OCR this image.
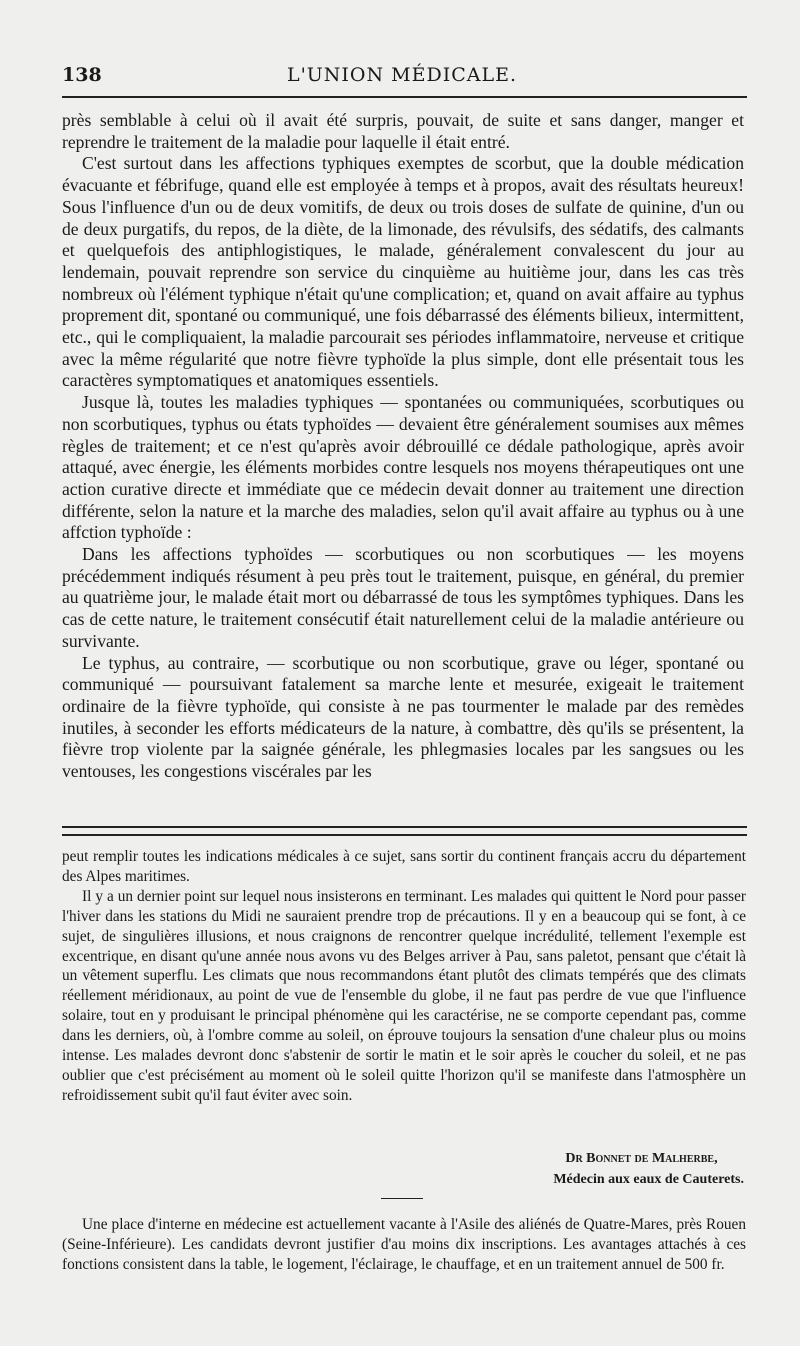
138	L'UNION MÉDICALE.

près semblable à celui où il avait été surpris, pouvait, de suite et sans danger, manger et reprendre le traitement de la maladie pour laquelle il était entré.

C'est surtout dans les affections typhiques exemptes de scorbut, que la double médication évacuante et fébrifuge, quand elle est employée à temps et à propos, avait des résultats heureux! Sous l'influence d'un ou de deux vomitifs, de deux ou trois doses de sulfate de quinine, d'un ou de deux purgatifs, du repos, de la diète, de la limonade, des révulsifs, des sédatifs, des calmants et quelquefois des antiphlogistiques, le malade, généralement convalescent du jour au lendemain, pouvait reprendre son service du cinquième au huitième jour, dans les cas très nombreux où l'élément typhique n'était qu'une complication; et, quand on avait affaire au typhus proprement dit, spontané ou communiqué, une fois débarrassé des éléments bilieux, intermittent, etc., qui le compliquaient, la maladie parcourait ses périodes inflammatoire, nerveuse et critique avec la même régularité que notre fièvre typhoïde la plus simple, dont elle présentait tous les caractères symptomatiques et anatomiques essentiels.

Jusque là, toutes les maladies typhiques — spontanées ou communiquées, scorbutiques ou non scorbutiques, typhus ou états typhoïdes — devaient être généralement soumises aux mêmes règles de traitement; et ce n'est qu'après avoir débrouillé ce dédale pathologique, après avoir attaqué, avec énergie, les éléments morbides contre lesquels nos moyens thérapeutiques ont une action curative directe et immédiate que ce médecin devait donner au traitement une direction différente, selon la nature et la marche des maladies, selon qu'il avait affaire au typhus ou à une affction typhoïde :

Dans les affections typhoïdes — scorbutiques ou non scorbutiques — les moyens précédemment indiqués résument à peu près tout le traitement, puisque, en général, du premier au quatrième jour, le malade était mort ou débarrassé de tous les symptômes typhiques. Dans les cas de cette nature, le traitement consécutif était naturellement celui de la maladie antérieure ou survivante.

Le typhus, au contraire, — scorbutique ou non scorbutique, grave ou léger, spontané ou communiqué — poursuivant fatalement sa marche lente et mesurée, exigeait le traitement ordinaire de la fièvre typhoïde, qui consiste à ne pas tourmenter le malade par des remèdes inutiles, à seconder les efforts médicateurs de la nature, à combattre, dès qu'ils se présentent, la fièvre trop violente par la saignée générale, les phlegmasies locales par les sangsues ou les ventouses, les congestions viscérales par les

peut remplir toutes les indications médicales à ce sujet, sans sortir du continent français accru du département des Alpes maritimes.

Il y a un dernier point sur lequel nous insisterons en terminant. Les malades qui quittent le Nord pour passer l'hiver dans les stations du Midi ne sauraient prendre trop de précautions. Il y en a beaucoup qui se font, à ce sujet, de singulières illusions, et nous craignons de rencontrer quelque incrédulité, tellement l'exemple est excentrique, en disant qu'une année nous avons vu des Belges arriver à Pau, sans paletot, pensant que c'était là un vêtement superflu. Les climats que nous recommandons étant plutôt des climats tempérés que des climats réellement méridionaux, au point de vue de l'ensemble du globe, il ne faut pas perdre de vue que l'influence solaire, tout en y produisant le principal phénomène qui les caractérise, ne se comporte cependant pas, comme dans les derniers, où, à l'ombre comme au soleil, on éprouve toujours la sensation d'une chaleur plus ou moins intense. Les malades devront donc s'abstenir de sortir le matin et le soir après le coucher du soleil, et ne pas oublier que c'est précisément au moment où le soleil quitte l'horizon qu'il se manifeste dans l'atmosphère un refroidissement subit qu'il faut éviter avec soin.

Dr Bonnet de Malherbe,
Médecin aux eaux de Cauterets.

Une place d'interne en médecine est actuellement vacante à l'Asile des aliénés de Quatre-Mares, près Rouen (Seine-Inférieure). Les candidats devront justifier d'au moins dix inscriptions. Les avantages attachés à ces fonctions consistent dans la table, le logement, l'éclairage, le chauffage, et en un traitement annuel de 500 fr.
